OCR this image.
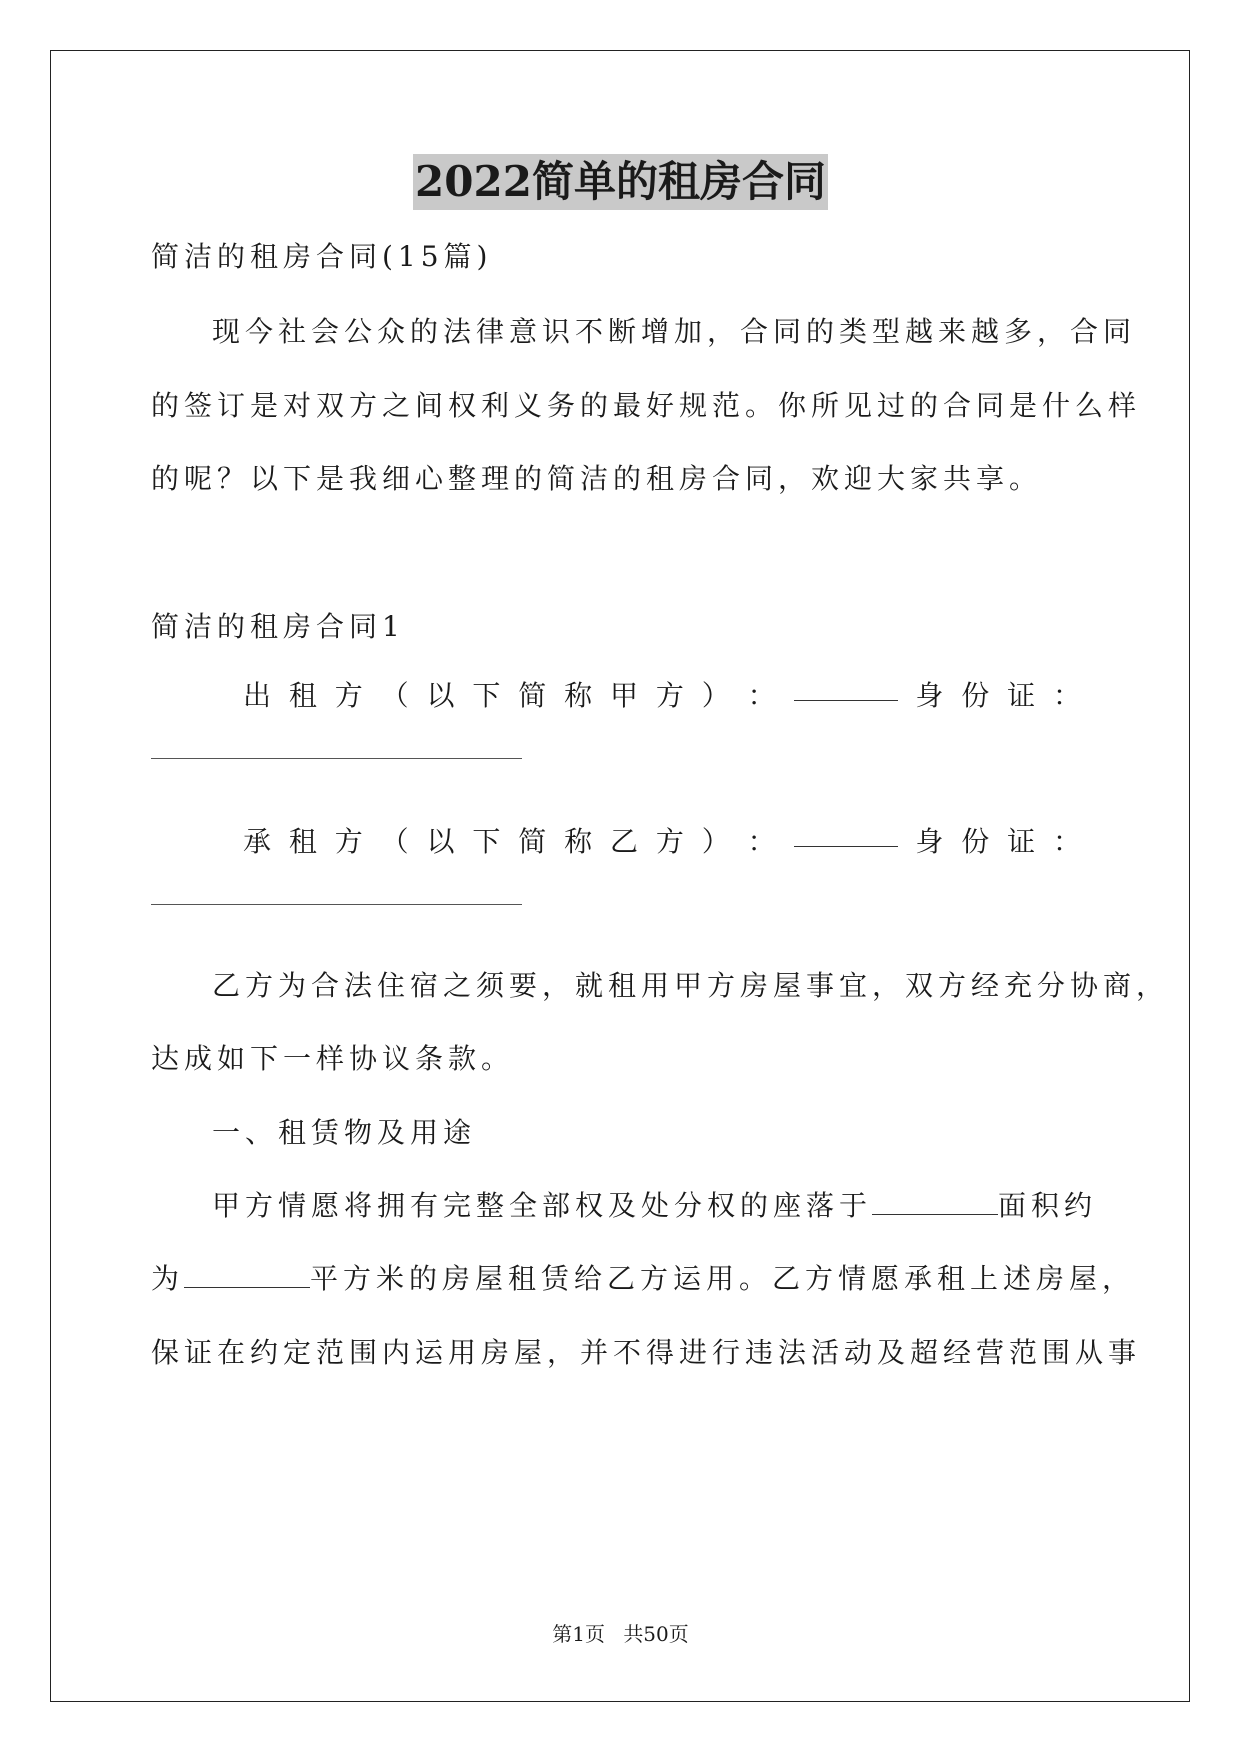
2022简单的租房合同
简洁的租房合同(15篇)
现今社会公众的法律意识不断增加，合同的类型越来越多，合同
的签订是对双方之间权利义务的最好规范。你所见过的合同是什么样
的呢？以下是我细心整理的简洁的租房合同，欢迎大家共享。
简洁的租房合同1
出 租 方 （ 以 下 简 称 甲 方 ） ：	身 份 证 ：
承 租 方 （ 以 下 简 称 乙 方 ） ：	身 份 证 ：
乙方为合法住宿之须要，就租用甲方房屋事宜，双方经充分协商，
达成如下一样协议条款。
一、租赁物及用途
甲方情愿将拥有完整全部权及处分权的座落于	面积约
为	平方米的房屋租赁给乙方运用。乙方情愿承租上述房屋，
保证在约定范围内运用房屋，并不得进行违法活动及超经营范围从事
第1页 共50页
